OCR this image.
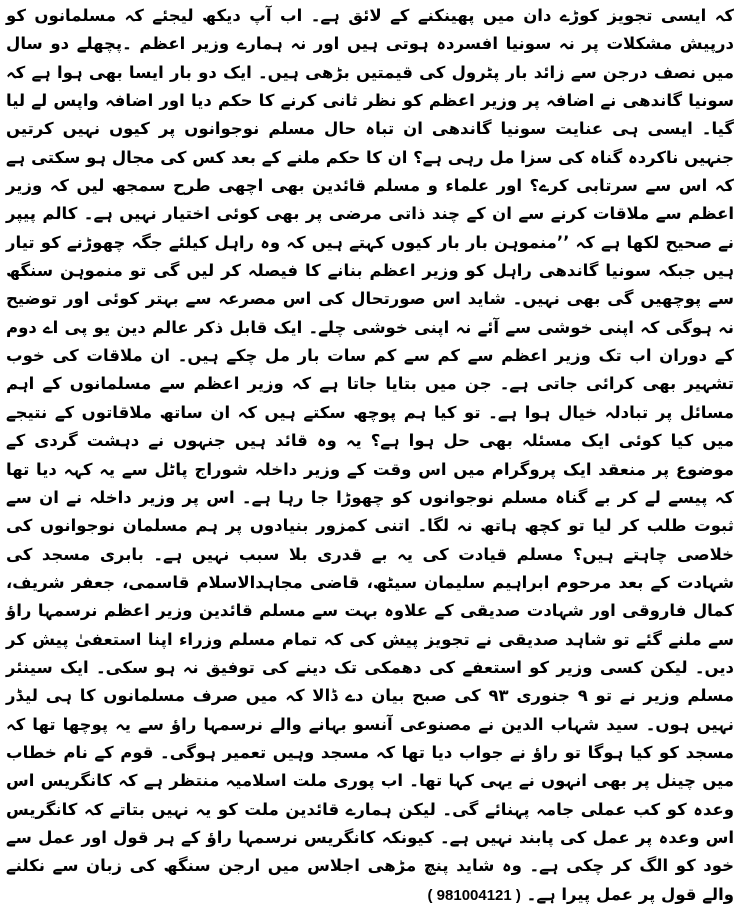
کہ ایسی تجویز کوڑے دان میں پھینکنے کے لائق ہے۔ اب آپ دیکھ لیجئے کہ مسلمانوں کو درپیش مشکلات پر نہ سونیا افسردہ ہوتی ہیں اور نہ ہمارے وزیر اعظم ۔پچھلے دو سال میں نصف درجن سے زائد بار پٹرول کی قیمتیں بڑھی ہیں۔ ایک دو بار ایسا بھی ہوا ہے کہ سونیا گاندھی نے اضافہ پر وزیر اعظم کو نظر ثانی کرنے کا حکم دیا اور اضافہ واپس لے لیا گیا۔ ایسی ہی عنایت سونیا گاندھی ان تباہ حال مسلم نوجوانوں پر کیوں نہیں کرتیں جنہیں ناکردہ گناہ کی سزا مل رہی ہے؟ ان کا حکم ملنے کے بعد کس کی مجال ہو سکتی ہے کہ اس سے سرتابی کرے؟ اور علماء و مسلم قائدین بھی اچھی طرح سمجھ لیں کہ وزیر اعظم سے ملاقات کرنے سے ان کے چند ذاتی مرضی پر بھی کوئی اختیار نہیں ہے۔ کالم پیپر نے صحیح لکھا ہے کہ ’’منموہن بار بار کیوں کہتے ہیں کہ وہ راہل کیلئے جگہ چھوڑنے کو تیار ہیں جبکہ سونیا گاندھی راہل کو وزیر اعظم بنانے کا فیصلہ کر لیں گی تو منموہن سنگھ سے پوچھیں گی بھی نہیں۔ شاید اس صورتحال کی اس مصرعہ سے بہتر کوئی اور توضیح نہ ہوگی کہ اپنی خوشی سے آئے نہ اپنی خوشی چلے۔ ایک قابل ذکر عالم دین یو پی اے دوم کے دوران اب تک وزیر اعظم سے کم سے کم سات بار مل چکے ہیں۔ ان ملاقات کی خوب تشہیر بھی کرائی جاتی ہے۔ جن میں بتایا جاتا ہے کہ وزیر اعظم سے مسلمانوں کے اہم مسائل پر تبادلہ خیال ہوا ہے۔ تو کیا ہم پوچھ سکتے ہیں کہ ان ساتھ ملاقاتوں کے نتیجے میں کیا کوئی ایک مسئلہ بھی حل ہوا ہے؟ یہ وہ قائد ہیں جنہوں نے دہشت گردی کے موضوع پر منعقد ایک پروگرام میں اس وقت کے وزیر داخلہ شوراج پاٹل سے یہ کہہ دیا تھا کہ پیسے لے کر بے گناہ مسلم نوجوانوں کو چھوڑا جا رہا ہے۔ اس پر وزیر داخلہ نے ان سے ثبوت طلب کر لیا تو کچھ ہاتھ نہ لگا۔ اتنی کمزور بنیادوں پر ہم مسلمان نوجوانوں کی خلاصی چاہتے ہیں؟ مسلم قیادت کی یہ بے قدری بلا سبب نہیں ہے۔ بابری مسجد کی شہادت کے بعد مرحوم ابراہیم سلیمان سیٹھ، قاضی مجاہدالاسلام قاسمی، جعفر شریف، کمال فاروقی اور شہادت صدیقی کے علاوہ بہت سے مسلم قائدین وزیر اعظم نرسمہا راؤ سے ملنے گئے تو شاہد صدیقی نے تجویز پیش کی کہ تمام مسلم وزراء اپنا استعفیٰ پیش کر دیں۔ لیکن کسی وزیر کو استعفے کی دھمکی تک دینے کی توفیق نہ ہو سکی۔ ایک سینئر مسلم وزیر نے تو ۹ جنوری ۹۳ کی صبح بیان دے ڈالا کہ میں صرف مسلمانوں کا ہی لیڈر نہیں ہوں۔ سید شہاب الدین نے مصنوعی آنسو بہانے والے نرسمہا راؤ سے یہ پوچھا تھا کہ مسجد کو کیا ہوگا تو راؤ نے جواب دیا تھا کہ مسجد وہیں تعمیر ہوگی۔ قوم کے نام خطاب میں چینل پر بھی انہوں نے یہی کہا تھا۔ اب پوری ملت اسلامیہ منتظر ہے کہ کانگریس اس وعدہ کو کب عملی جامہ پہنائے گی۔ لیکن ہمارے قائدین ملت کو یہ نہیں بتاتے کہ کانگریس اس وعدہ پر عمل کی پابند نہیں ہے۔ کیونکہ کانگریس نرسمہا راؤ کے ہر قول اور عمل سے خود کو الگ کر چکی ہے۔ وہ شاید پنچ مڑھی اجلاس میں ارجن سنگھ کی زبان سے نکلنے والے قول پر عمل پیرا ہے۔ ( 981004121 )
